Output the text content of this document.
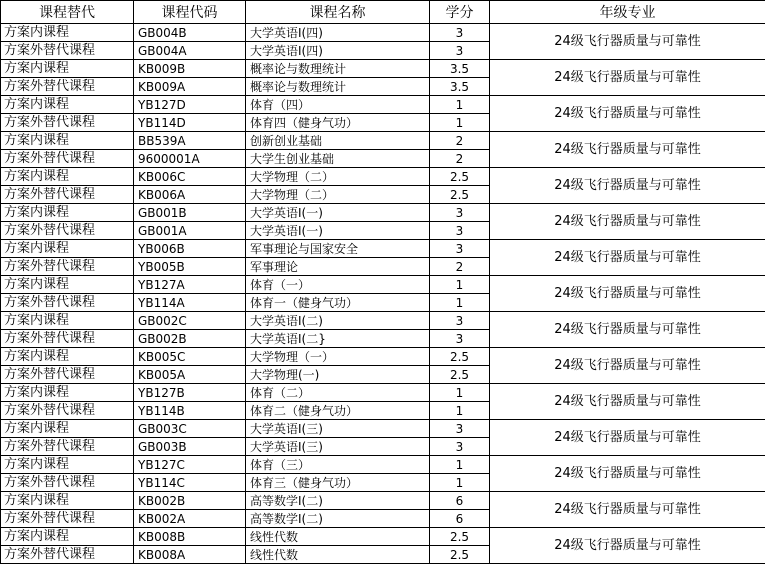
课程替代	课程代码	课程名称	学分	年级专业
方案内课程	GB004B	大学英语Ⅰ(四)	3	24级飞行器质量与可靠性
方案外替代课程	GB004A	大学英语I(四)	3	
方案内课程	KB009B	概率论与数理统计	3.5	24级飞行器质量与可靠性
方案外替代课程	KB009A	概率论与数理统计	3.5	
方案内课程	YB127D	体育（四）	1	24级飞行器质量与可靠性
方案外替代课程	YB114D	体育四（健身气功）	1	
方案内课程	BB539A	创新创业基础	2	24级飞行器质量与可靠性
方案外替代课程	9600001A	大学生创业基础	2	
方案内课程	KB006C	大学物理（二）	2.5	24级飞行器质量与可靠性
方案外替代课程	KB006A	大学物理（二）	2.5	
方案内课程	GB001B	大学英语Ⅰ(一)	3	24级飞行器质量与可靠性
方案外替代课程	GB001A	大学英语Ⅰ(一)	3	
方案内课程	YB006B	军事理论与国家安全	3	24级飞行器质量与可靠性
方案外替代课程	YB005B	军事理论	2	
方案内课程	YB127A	体育（一）	1	24级飞行器质量与可靠性
方案外替代课程	YB114A	体育一（健身气功）	1	
方案内课程	GB002C	大学英语Ⅰ(二)	3	24级飞行器质量与可靠性
方案外替代课程	GB002B	大学英语I(二}	3	
方案内课程	KB005C	大学物理（一）	2.5	24级飞行器质量与可靠性
方案外替代课程	KB005A	大学物理(一)	2.5	
方案内课程	YB127B	体育（二）	1	24级飞行器质量与可靠性
方案外替代课程	YB114B	体育二（健身气功）	1	
方案内课程	GB003C	大学英语Ⅰ(三)	3	24级飞行器质量与可靠性
方案外替代课程	GB003B	大学英语Ⅰ(三)	3	
方案内课程	YB127C	体育（三）	1	24级飞行器质量与可靠性
方案外替代课程	YB114C	体育三（健身气功）	1	
方案内课程	KB002B	高等数学Ⅰ(二)	6	24级飞行器质量与可靠性
方案外替代课程	KB002A	高等数学Ⅰ(二)	6	
方案内课程	KB008B	线性代数	2.5	24级飞行器质量与可靠性
方案外替代课程	KB008A	线性代数	2.5	
